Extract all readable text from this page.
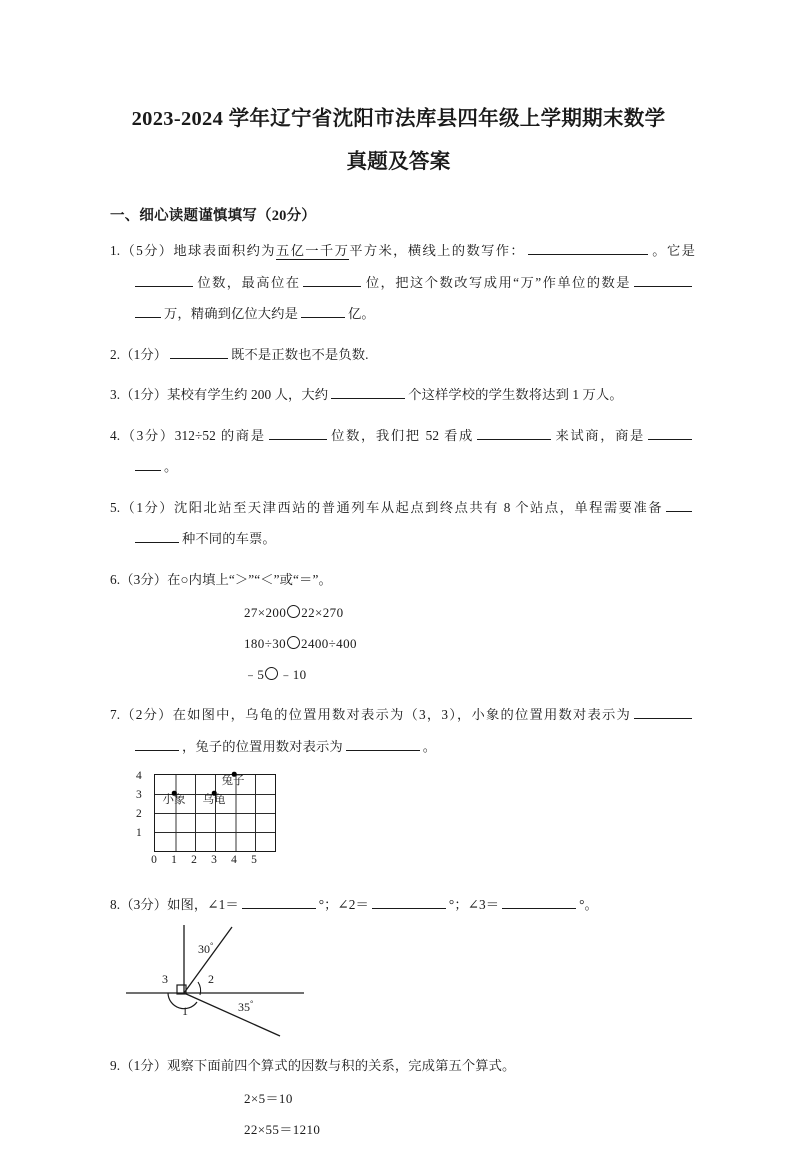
2023-2024 学年辽宁省沈阳市法库县四年级上学期期末数学
真题及答案
一、细心读题谨慎填写（20分）
1.（5分）地球表面积约为五亿一千万平方米，横线上的数写作：	。它是 位数，最高位在	位，把这个数改写成用“万”作单位的数是 万，精确到亿位大约是	亿。
2.（1分）	既不是正数也不是负数.
3.（1分）某校有学生约 200 人，大约	个这样学校的学生数将达到 1 万人。
4.（3分）312÷52 的商是	位数，我们把 52 看成	来试商，商是 。
5.（1分）沈阳北站至天津西站的普通列车从起点到终点共有 8 个站点，单程需要准备 种不同的车票。
6.（3分）在○内填上“＞”“＜”或“＝”。
27×200 22×270
180÷30 2400÷400
﹣5 ﹣10
7.（2分）在如图中，乌龟的位置用数对表示为（3，3），小象的位置用数对表示为 ，兔子的位置用数对表示为	。
4
3
2
1
0 1 2 3 4 5
小象 乌龟
兔子
8.（3分）如图，∠1＝	°；∠2＝	°；∠3＝	°。
30°
35°
2
3
1
9.（1分）观察下面前四个算式的因数与积的关系，完成第五个算式。
2×5＝10
22×55＝1210
